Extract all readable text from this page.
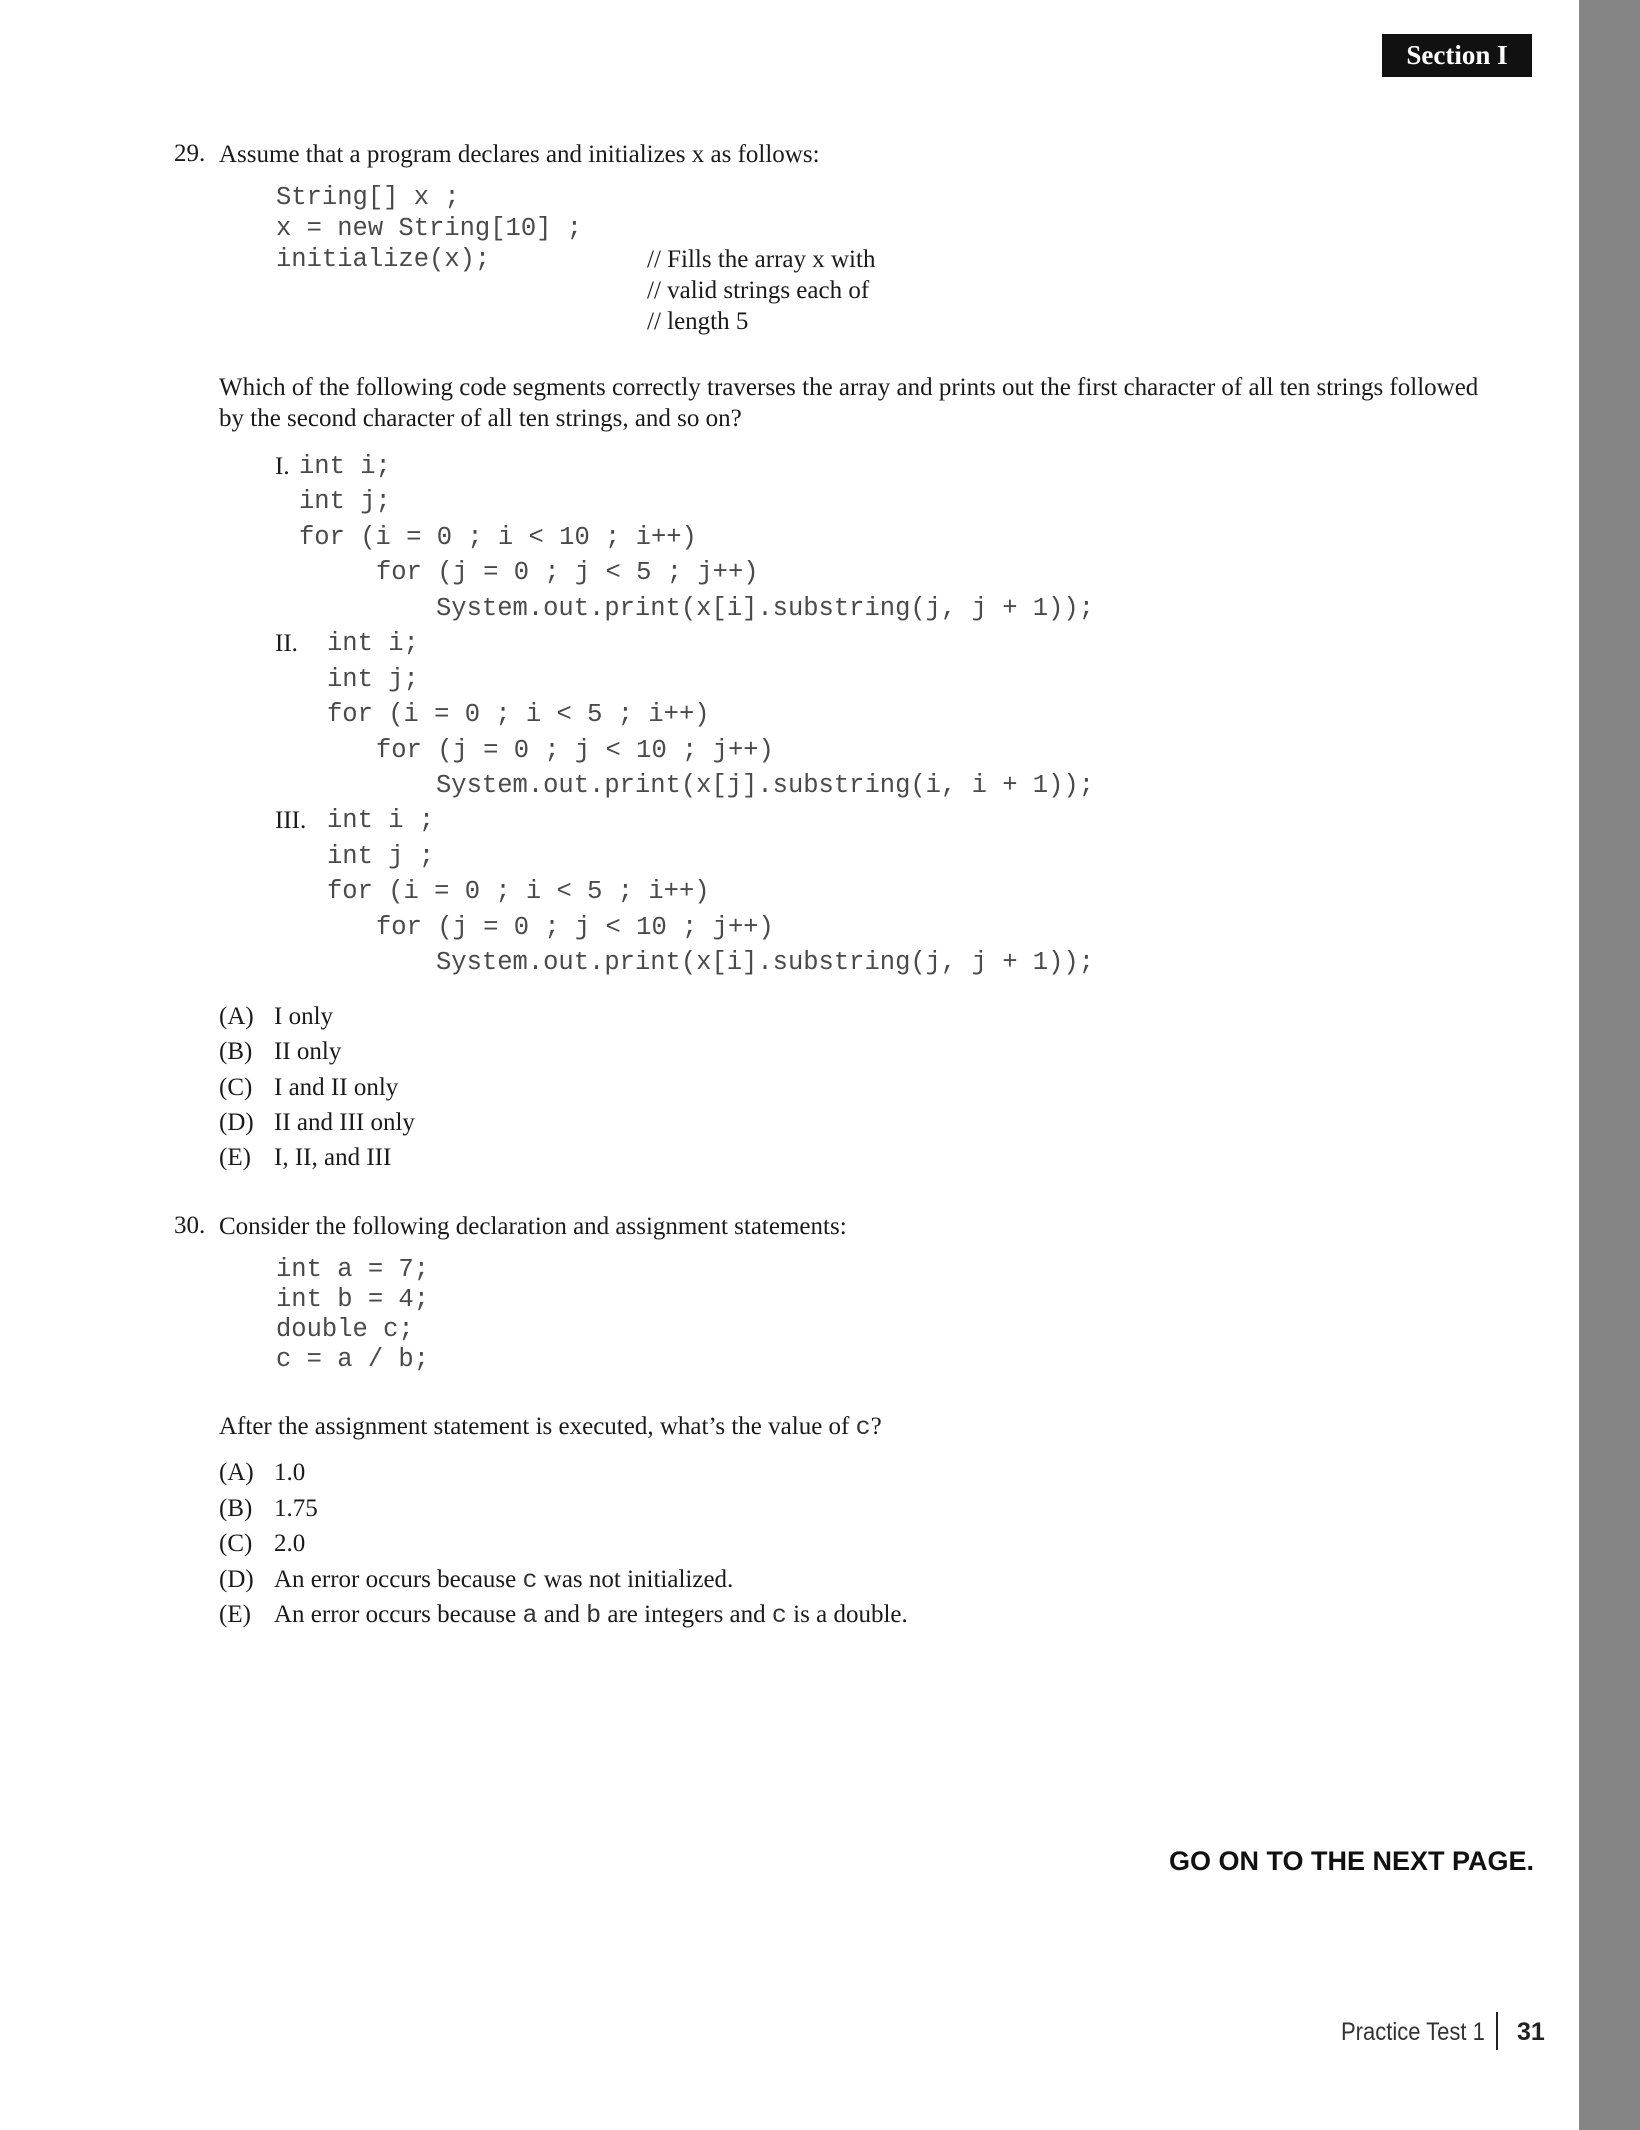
Section I
29. Assume that a program declares and initializes x as follows:
String[] x ;
x = new String[10] ;
initialize(x);	// Fills the array x with
// valid strings each of
// length 5
Which of the following code segments correctly traverses the array and prints out the first character of all ten strings followed
by the second character of all ten strings, and so on?
I. int i;
int j;
for (i = 0 ; i < 10 ; i++)
for (j = 0 ; j < 5 ; j++)
System.out.print(x[i].substring(j, j + 1));
II. int i;
int j;
for (i = 0 ; i < 5 ; i++)
for (j = 0 ; j < 10 ; j++)
System.out.print(x[j].substring(i, i + 1));
III. int i ;
int j ;
for (i = 0 ; i < 5 ; i++)
for (j = 0 ; j < 10 ; j++)
System.out.print(x[i].substring(j, j + 1));
(A) I only
(B) II only
(C) I and II only
(D) II and III only
(E) I, II, and III
30. Consider the following declaration and assignment statements:
int a = 7;
int b = 4;
double c;
c = a / b;
After the assignment statement is executed, what’s the value of c?
(A) 1.0
(B) 1.75
(C) 2.0
(D) An error occurs because c was not initialized.
(E) An error occurs because a and b are integers and c is a double.
GO ON TO THE NEXT PAGE.
Practice Test 1 31
